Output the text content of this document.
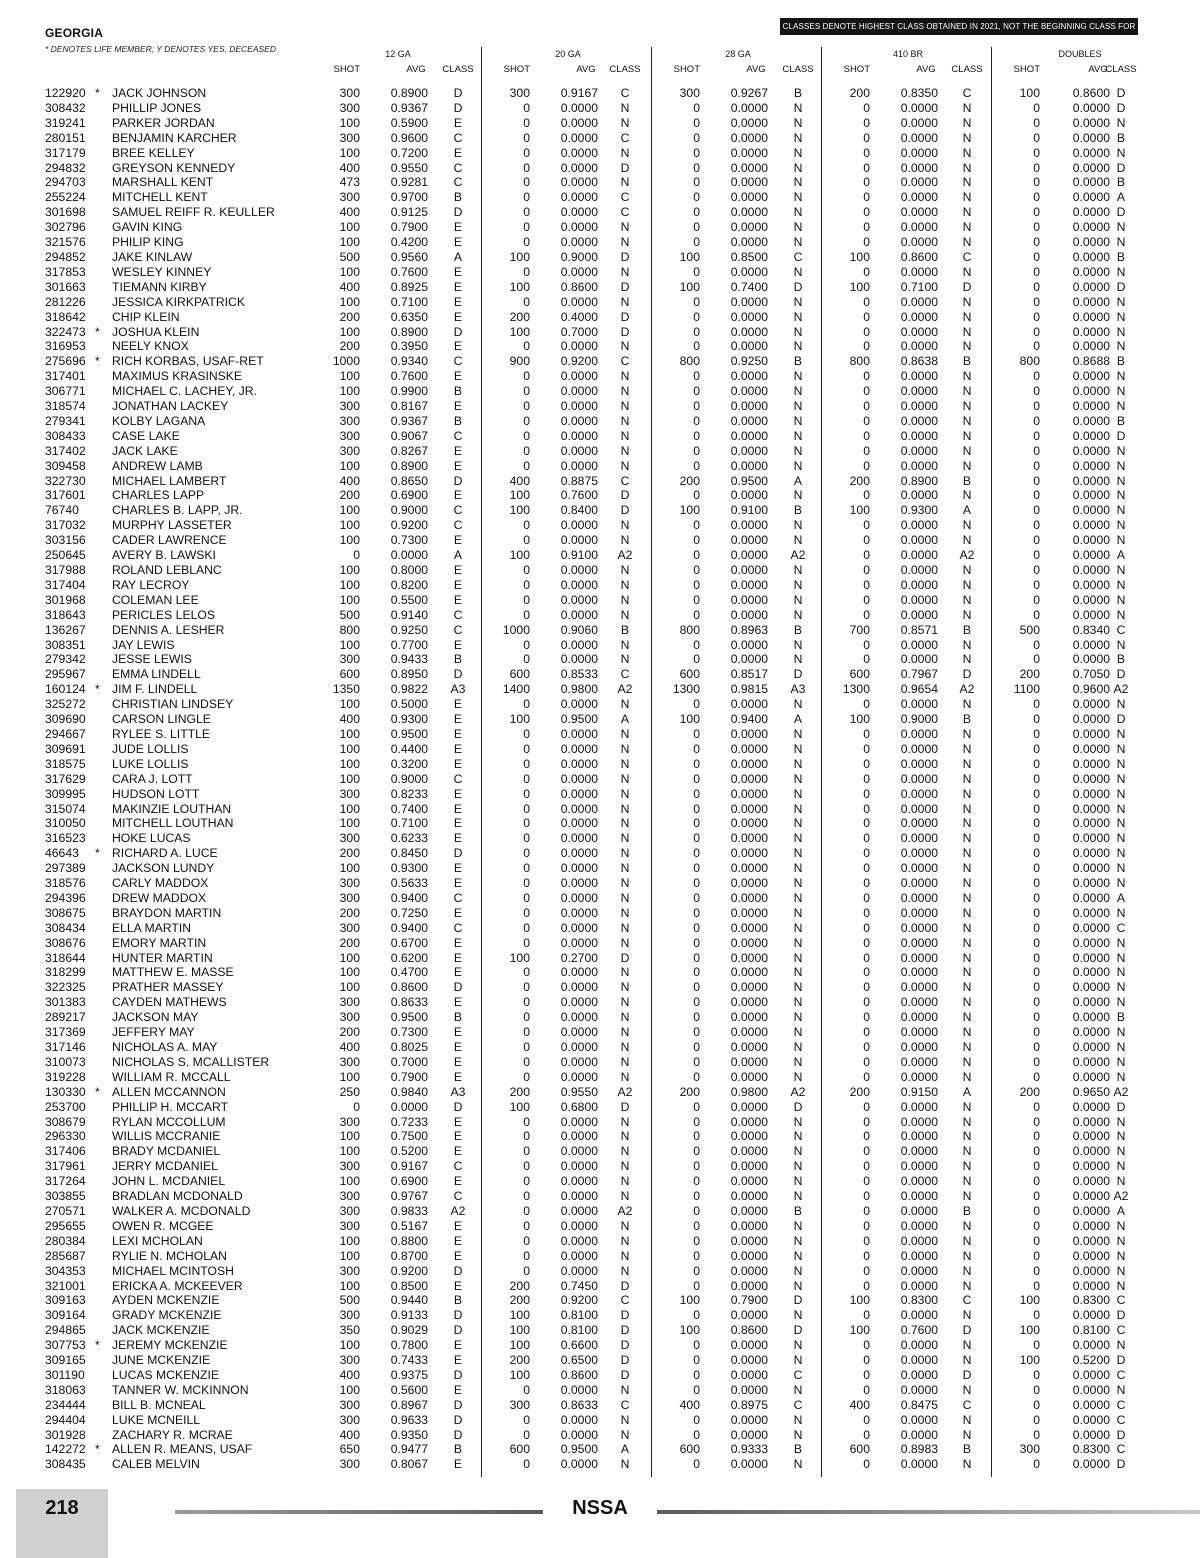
GEORGIA
* DENOTES LIFE MEMBER; Y DENOTES YES, DECEASED
CLASSES DENOTE HIGHEST CLASS OBTAINED IN 2021, NOT THE BEGINNING CLASS FOR 2022.
12 GA	20 GA	28 GA	410 BR	DOUBLES
SHOT	AVG	CLASS	SHOT	AVG	CLASS	SHOT	AVG	CLASS	SHOT	AVG	CLASS	SHOT	AVG
CLASS
122920 * JACK JOHNSON	300	0.8900	D	300	0.9167	C	300	0.9267	B	200	0.8350	C	100	0.8600 D
308432 PHILLIP JONES	300	0.9367	D	0	0.0000	N	0	0.0000	N	0	0.0000	N	0	0.0000 D
319241 PARKER JORDAN	100	0.5900	E	0	0.0000	N	0	0.0000	N	0	0.0000	N	0	0.0000 N
280151 BENJAMIN KARCHER	300	0.9600	C	0	0.0000	C	0	0.0000	N	0	0.0000	N	0	0.0000 B
317179 BREE KELLEY	100	0.7200	E	0	0.0000	N	0	0.0000	N	0	0.0000	N	0	0.0000 N
294832 GREYSON KENNEDY	400	0.9550	C	0	0.0000	D	0	0.0000	N	0	0.0000	N	0	0.0000 D
294703 MARSHALL KENT	473	0.9281	C	0	0.0000	N	0	0.0000	N	0	0.0000	N	0	0.0000 B
255224 MITCHELL KENT	300	0.9700	B	0	0.0000	C	0	0.0000	N	0	0.0000	N	0	0.0000 A
301698 SAMUEL REIFF R. KEULLER	400	0.9125	D	0	0.0000	C	0	0.0000	N	0	0.0000	N	0	0.0000 D
302796 GAVIN KING	100	0.7900	E	0	0.0000	N	0	0.0000	N	0	0.0000	N	0	0.0000 N
321576 PHILIP KING	100	0.4200	E	0	0.0000	N	0	0.0000	N	0	0.0000	N	0	0.0000 N
294852 JAKE KINLAW	500	0.9560	A	100	0.9000	D	100	0.8500	C	100	0.8600	C	0	0.0000 B
317853 WESLEY KINNEY	100	0.7600	E	0	0.0000	N	0	0.0000	N	0	0.0000	N	0	0.0000 N
301663 TIEMANN KIRBY	400	0.8925	E	100	0.8600	D	100	0.7400	D	100	0.7100	D	0	0.0000 D
281226 JESSICA KIRKPATRICK	100	0.7100	E	0	0.0000	N	0	0.0000	N	0	0.0000	N	0	0.0000 N
318642 CHIP KLEIN	200	0.6350	E	200	0.4000	D	0	0.0000	N	0	0.0000	N	0	0.0000 N
322473 * JOSHUA KLEIN	100	0.8900	D	100	0.7000	D	0	0.0000	N	0	0.0000	N	0	0.0000 N
316953 NEELY KNOX	200	0.3950	E	0	0.0000	N	0	0.0000	N	0	0.0000	N	0	0.0000 N
275696 * RICH KORBAS, USAF-RET	1000	0.9340	C	900	0.9200	C	800	0.9250	B	800	0.8638	B	800	0.8688 B
317401 MAXIMUS KRASINSKE	100	0.7600	E	0	0.0000	N	0	0.0000	N	0	0.0000	N	0	0.0000 N
306771 MICHAEL C. LACHEY, JR.	100	0.9900	B	0	0.0000	N	0	0.0000	N	0	0.0000	N	0	0.0000 N
318574 JONATHAN LACKEY	300	0.8167	E	0	0.0000	N	0	0.0000	N	0	0.0000	N	0	0.0000 N
279341 KOLBY LAGANA	300	0.9367	B	0	0.0000	N	0	0.0000	N	0	0.0000	N	0	0.0000 B
308433 CASE LAKE	300	0.9067	C	0	0.0000	N	0	0.0000	N	0	0.0000	N	0	0.0000 D
317402 JACK LAKE	300	0.8267	E	0	0.0000	N	0	0.0000	N	0	0.0000	N	0	0.0000 N
309458 ANDREW LAMB	100	0.8900	E	0	0.0000	N	0	0.0000	N	0	0.0000	N	0	0.0000 N
322730 MICHAEL LAMBERT	400	0.8650	D	400	0.8875	C	200	0.9500	A	200	0.8900	B	0	0.0000 N
317601 CHARLES LAPP	200	0.6900	E	100	0.7600	D	0	0.0000	N	0	0.0000	N	0	0.0000 N
76740	CHARLES B. LAPP, JR.	100	0.9000	C	100	0.8400	D	100	0.9100	B	100	0.9300	A	0	0.0000 N
317032 MURPHY LASSETER	100	0.9200	C	0	0.0000	N	0	0.0000	N	0	0.0000	N	0	0.0000 N
303156 CADER LAWRENCE	100	0.7300	E	0	0.0000	N	0	0.0000	N	0	0.0000	N	0	0.0000 N
250645 AVERY B. LAWSKI	0	0.0000	A	100	0.9100	A2	0	0.0000	A2	0	0.0000	A2	0	0.0000 A
317988 ROLAND LEBLANC	100	0.8000	E	0	0.0000	N	0	0.0000	N	0	0.0000	N	0	0.0000 N
317404 RAY LECROY	100	0.8200	E	0	0.0000	N	0	0.0000	N	0	0.0000	N	0	0.0000 N
301968 COLEMAN LEE	100	0.5500	E	0	0.0000	N	0	0.0000	N	0	0.0000	N	0	0.0000 N
318643 PERICLES LELOS	500	0.9140	C	0	0.0000	N	0	0.0000	N	0	0.0000	N	0	0.0000 N
136267 DENNIS A. LESHER	800	0.9250	C	1000	0.9060	B	800	0.8963	B	700	0.8571	B	500	0.8340 C
308351 JAY LEWIS	100	0.7700	E	0	0.0000	N	0	0.0000	N	0	0.0000	N	0	0.0000 N
279342 JESSE LEWIS	300	0.9433	B	0	0.0000	N	0	0.0000	N	0	0.0000	N	0	0.0000 B
295967 EMMA LINDELL	600	0.8950	D	600	0.8533	C	600	0.8517	D	600	0.7967	D	200	0.7050 D
160124 * JIM F. LINDELL	1350	0.9822	A3	1400	0.9800	A2	1300	0.9815	A3	1300	0.9654	A2	1100	0.9600 A2
325272 CHRISTIAN LINDSEY	100	0.5000	E	0	0.0000	N	0	0.0000	N	0	0.0000	N	0	0.0000 N
309690 CARSON LINGLE	400	0.9300	E	100	0.9500	A	100	0.9400	A	100	0.9000	B	0	0.0000 D
294667 RYLEE S. LITTLE	100	0.9500	E	0	0.0000	N	0	0.0000	N	0	0.0000	N	0	0.0000 N
309691 JUDE LOLLIS	100	0.4400	E	0	0.0000	N	0	0.0000	N	0	0.0000	N	0	0.0000 N
318575 LUKE LOLLIS	100	0.3200	E	0	0.0000	N	0	0.0000	N	0	0.0000	N	0	0.0000 N
317629 CARA J. LOTT	100	0.9000	C	0	0.0000	N	0	0.0000	N	0	0.0000	N	0	0.0000 N
309995 HUDSON LOTT	300	0.8233	E	0	0.0000	N	0	0.0000	N	0	0.0000	N	0	0.0000 N
315074 MAKINZIE LOUTHAN	100	0.7400	E	0	0.0000	N	0	0.0000	N	0	0.0000	N	0	0.0000 N
310050 MITCHELL LOUTHAN	100	0.7100	E	0	0.0000	N	0	0.0000	N	0	0.0000	N	0	0.0000 N
316523 HOKE LUCAS	300	0.6233	E	0	0.0000	N	0	0.0000	N	0	0.0000	N	0	0.0000 N
46643 * RICHARD A. LUCE	200	0.8450	D	0	0.0000	N	0	0.0000	N	0	0.0000	N	0	0.0000 N
297389 JACKSON LUNDY	100	0.9300	E	0	0.0000	N	0	0.0000	N	0	0.0000	N	0	0.0000 N
318576 CARLY MADDOX	300	0.5633	E	0	0.0000	N	0	0.0000	N	0	0.0000	N	0	0.0000 N
294396 DREW MADDOX	300	0.9400	C	0	0.0000	N	0	0.0000	N	0	0.0000	N	0	0.0000 A
308675 BRAYDON MARTIN	200	0.7250	E	0	0.0000	N	0	0.0000	N	0	0.0000	N	0	0.0000 N
308434 ELLA MARTIN	300	0.9400	C	0	0.0000	N	0	0.0000	N	0	0.0000	N	0	0.0000 C
308676 EMORY MARTIN	200	0.6700	E	0	0.0000	N	0	0.0000	N	0	0.0000	N	0	0.0000 N
318644 HUNTER MARTIN	100	0.6200	E	100	0.2700	D	0	0.0000	N	0	0.0000	N	0	0.0000 N
318299 MATTHEW E. MASSE	100	0.4700	E	0	0.0000	N	0	0.0000	N	0	0.0000	N	0	0.0000 N
322325 PRATHER MASSEY	100	0.8600	D	0	0.0000	N	0	0.0000	N	0	0.0000	N	0	0.0000 N
301383 CAYDEN MATHEWS	300	0.8633	E	0	0.0000	N	0	0.0000	N	0	0.0000	N	0	0.0000 N
289217 JACKSON MAY	300	0.9500	B	0	0.0000	N	0	0.0000	N	0	0.0000	N	0	0.0000 B
317369 JEFFERY MAY	200	0.7300	E	0	0.0000	N	0	0.0000	N	0	0.0000	N	0	0.0000 N
317146 NICHOLAS A. MAY	400	0.8025	E	0	0.0000	N	0	0.0000	N	0	0.0000	N	0	0.0000 N
310073 NICHOLAS S. MCALLISTER	300	0.7000	E	0	0.0000	N	0	0.0000	N	0	0.0000	N	0	0.0000 N
319228 WILLIAM R. MCCALL	100	0.7900	E	0	0.0000	N	0	0.0000	N	0	0.0000	N	0	0.0000 N
130330 * ALLEN MCCANNON	250	0.9840	A3	200	0.9550	A2	200	0.9800	A2	200	0.9150	A	200	0.9650 A2
253700 PHILLIP H. MCCART	0	0.0000	D	100	0.6800	D	0	0.0000	D	0	0.0000	N	0	0.0000 D
308679 RYLAN MCCOLLUM	300	0.7233	E	0	0.0000	N	0	0.0000	N	0	0.0000	N	0	0.0000 N
296330 WILLIS MCCRANIE	100	0.7500	E	0	0.0000	N	0	0.0000	N	0	0.0000	N	0	0.0000 N
317406 BRADY MCDANIEL	100	0.5200	E	0	0.0000	N	0	0.0000	N	0	0.0000	N	0	0.0000 N
317961 JERRY MCDANIEL	300	0.9167	C	0	0.0000	N	0	0.0000	N	0	0.0000	N	0	0.0000 N
317264 JOHN L. MCDANIEL	100	0.6900	E	0	0.0000	N	0	0.0000	N	0	0.0000	N	0	0.0000 N
303855 BRADLAN MCDONALD	300	0.9767	C	0	0.0000	N	0	0.0000	N	0	0.0000	N	0	0.0000 A2
270571 WALKER A. MCDONALD	300	0.9833	A2	0	0.0000	A2	0	0.0000	B	0	0.0000	B	0	0.0000 A
295655 OWEN R. MCGEE	300	0.5167	E	0	0.0000	N	0	0.0000	N	0	0.0000	N	0	0.0000 N
280384 LEXI MCHOLAN	100	0.8800	E	0	0.0000	N	0	0.0000	N	0	0.0000	N	0	0.0000 N
285687 RYLIE N. MCHOLAN	100	0.8700	E	0	0.0000	N	0	0.0000	N	0	0.0000	N	0	0.0000 N
304353 MICHAEL MCINTOSH	300	0.9200	D	0	0.0000	N	0	0.0000	N	0	0.0000	N	0	0.0000 N
321001 ERICKA A. MCKEEVER	100	0.8500	E	200	0.7450	D	0	0.0000	N	0	0.0000	N	0	0.0000 N
309163 AYDEN MCKENZIE	500	0.9440	B	200	0.9200	C	100	0.7900	D	100	0.8300	C	100	0.8300 C
309164 GRADY MCKENZIE	300	0.9133	D	100	0.8100	D	0	0.0000	N	0	0.0000	N	0	0.0000 D
294865 JACK MCKENZIE	350	0.9029	D	100	0.8100	D	100	0.8600	D	100	0.7600	D	100	0.8100 C
307753 * JEREMY MCKENZIE	100	0.7800	E	100	0.6600	D	0	0.0000	N	0	0.0000	N	0	0.0000 N
309165 JUNE MCKENZIE	300	0.7433	E	200	0.6500	D	0	0.0000	N	0	0.0000	N	100	0.5200 D
301190 LUCAS MCKENZIE	400	0.9375	D	100	0.8600	D	0	0.0000	C	0	0.0000	D	0	0.0000 C
318063 TANNER W. MCKINNON	100	0.5600	E	0	0.0000	N	0	0.0000	N	0	0.0000	N	0	0.0000 N
234444 BILL B. MCNEAL	300	0.8967	D	300	0.8633	C	400	0.8975	C	400	0.8475	C	0	0.0000 C
294404 LUKE MCNEILL	300	0.9633	D	0	0.0000	N	0	0.0000	N	0	0.0000	N	0	0.0000 C
301928 ZACHARY R. MCRAE	400	0.9350	D	0	0.0000	N	0	0.0000	N	0	0.0000	N	0	0.0000 D
142272 * ALLEN R. MEANS, USAF	650	0.9477	B	600	0.9500	A	600	0.9333	B	600	0.8983	B	300	0.8300 C
308435 CALEB MELVIN	300	0.8067	E	0	0.0000	N	0	0.0000	N	0	0.0000	N	0	0.0000 D
218	NSSA
